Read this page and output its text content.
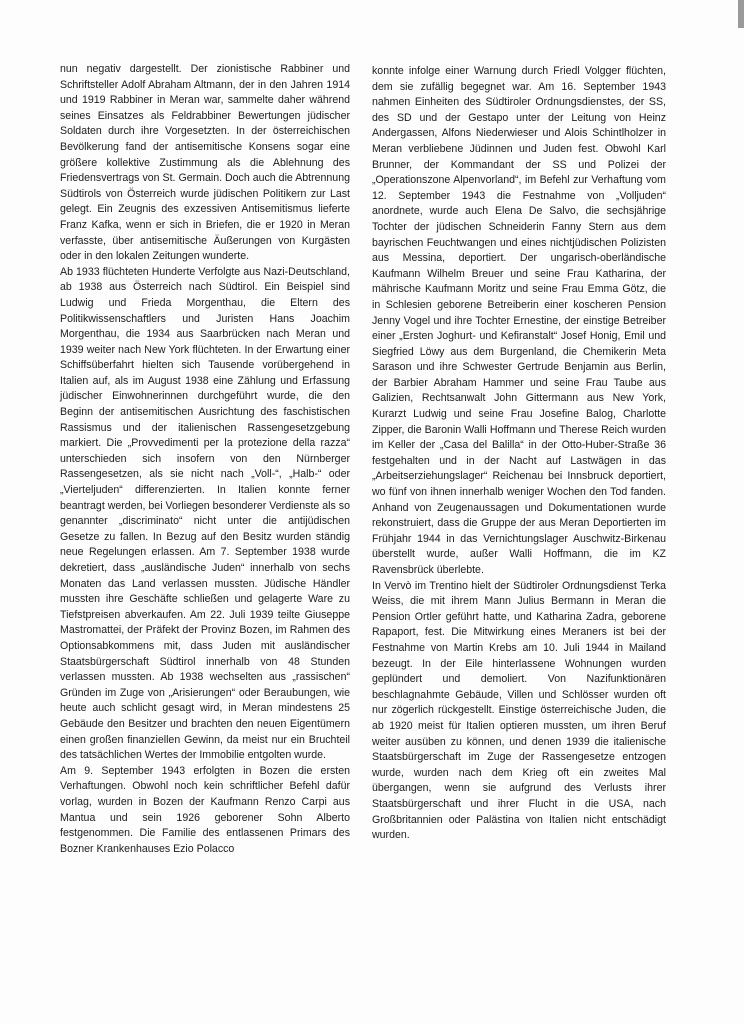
nun negativ dargestellt. Der zionistische Rabbiner und Schriftsteller Adolf Abraham Altmann, der in den Jahren 1914 und 1919 Rabbiner in Meran war, sammelte daher während seines Einsatzes als Feldrabbiner Bewertungen jüdischer Soldaten durch ihre Vorgesetzten. In der österreichischen Bevölkerung fand der antisemitische Konsens sogar eine größere kollektive Zustimmung als die Ablehnung des Friedensvertrags von St. Germain. Doch auch die Abtrennung Südtirols von Österreich wurde jüdischen Politikern zur Last gelegt. Ein Zeugnis des exzessiven Antisemitismus lieferte Franz Kafka, wenn er sich in Briefen, die er 1920 in Meran verfasste, über antisemitische Äußerungen von Kurgästen oder in den lokalen Zeitungen wunderte.

Ab 1933 flüchteten Hunderte Verfolgte aus Nazi-Deutschland, ab 1938 aus Österreich nach Südtirol. Ein Beispiel sind Ludwig und Frieda Morgenthau, die Eltern des Politikwissenschaftlers und Juristen Hans Joachim Morgenthau, die 1934 aus Saarbrücken nach Meran und 1939 weiter nach New York flüchteten. In der Erwartung einer Schiffsüberfahrt hielten sich Tausende vorübergehend in Italien auf, als im August 1938 eine Zählung und Erfassung jüdischer Einwohnerinnen durchgeführt wurde, die den Beginn der antisemitischen Ausrichtung des faschistischen Rassismus und der italienischen Rassengesetzgebung markiert. Die „Provvedimenti per la protezione della razza“ unterschieden sich insofern von den Nürnberger Rassengesetzen, als sie nicht nach „Voll-“, „Halb-“ oder „Vierteljuden“ differenzierten. In Italien konnte ferner beantragt werden, bei Vorliegen besonderer Verdienste als so genannter „discriminato“ nicht unter die antijüdischen Gesetze zu fallen. In Bezug auf den Besitz wurden ständig neue Regelungen erlassen. Am 7. September 1938 wurde dekretiert, dass „ausländische Juden“ innerhalb von sechs Monaten das Land verlassen mussten. Jüdische Händler mussten ihre Geschäfte schließen und gelagerte Ware zu Tiefstpreisen abverkaufen. Am 22. Juli 1939 teilte Giuseppe Mastromattei, der Präfekt der Provinz Bozen, im Rahmen des Optionsabkommens mit, dass Juden mit ausländischer Staatsbürgerschaft Südtirol innerhalb von 48 Stunden verlassen mussten. Ab 1938 wechselten aus „rassischen“ Gründen im Zuge von „Arisierungen“ oder Beraubungen, wie heute auch schlicht gesagt wird, in Meran mindestens 25 Gebäude den Besitzer und brachten den neuen Eigentümern einen großen finanziellen Gewinn, da meist nur ein Bruchteil des tatsächlichen Wertes der Immobilie entgolten wurde.

Am 9. September 1943 erfolgten in Bozen die ersten Verhaftungen. Obwohl noch kein schriftlicher Befehl dafür vorlag, wurden in Bozen der Kaufmann Renzo Carpi aus Mantua und sein 1926 geborener Sohn Alberto festgenommen. Die Familie des entlassenen Primars des Bozner Krankenhauses Ezio Polacco

konnte infolge einer Warnung durch Friedl Volgger flüchten, dem sie zufällig begegnet war. Am 16. September 1943 nahmen Einheiten des Südtiroler Ordnungsdienstes, der SS, des SD und der Gestapo unter der Leitung von Heinz Andergassen, Alfons Niederwieser und Alois Schintlholzer in Meran verbliebene Jüdinnen und Juden fest. Obwohl Karl Brunner, der Kommandant der SS und Polizei der „Operationszone Alpenvorland“, im Befehl zur Verhaftung vom 12. September 1943 die Festnahme von „Volljuden“ anordnete, wurde auch Elena De Salvo, die sechsjährige Tochter der jüdischen Schneiderin Fanny Stern aus dem bayrischen Feuchtwangen und eines nichtjüdischen Polizisten aus Messina, deportiert. Der ungarisch-oberländische Kaufmann Wilhelm Breuer und seine Frau Katharina, der mährische Kaufmann Moritz und seine Frau Emma Götz, die in Schlesien geborene Betreiberin einer koscheren Pension Jenny Vogel und ihre Tochter Ernestine, der einstige Betreiber einer „Ersten Joghurt- und Kefiranstalt“ Josef Honig, Emil und Siegfried Löwy aus dem Burgenland, die Chemikerin Meta Sarason und ihre Schwester Gertrude Benjamin aus Berlin, der Barbier Abraham Hammer und seine Frau Taube aus Galizien, Rechtsanwalt John Gittermann aus New York, Kurarzt Ludwig und seine Frau Josefine Balog, Charlotte Zipper, die Baronin Walli Hoffmann und Therese Reich wurden im Keller der „Casa del Balilla“ in der Otto-Huber-Straße 36 festgehalten und in der Nacht auf Lastwägen in das „Arbeitserziehungslager“ Reichenau bei Innsbruck deportiert, wo fünf von ihnen innerhalb weniger Wochen den Tod fanden. Anhand von Zeugenaussagen und Dokumentationen wurde rekonstruiert, dass die Gruppe der aus Meran Deportierten im Frühjahr 1944 in das Vernichtungslager Auschwitz-Birkenau überstellt wurde, außer Walli Hoffmann, die im KZ Ravensbrück überlebte.

In Vervò im Trentino hielt der Südtiroler Ordnungsdienst Terka Weiss, die mit ihrem Mann Julius Bermann in Meran die Pension Ortler geführt hatte, und Katharina Zadra, geborene Rapaport, fest. Die Mitwirkung eines Meraners ist bei der Festnahme von Martin Krebs am 10. Juli 1944 in Mailand bezeugt. In der Eile hinterlassene Wohnungen wurden geplündert und demoliert. Von Nazifunktionären beschlagnahmte Gebäude, Villen und Schlösser wurden oft nur zögerlich rückgestellt. Einstige österreichische Juden, die ab 1920 meist für Italien optieren mussten, um ihren Beruf weiter ausüben zu können, und denen 1939 die italienische Staatsbürgerschaft im Zuge der Rassengesetze entzogen wurde, wurden nach dem Krieg oft ein zweites Mal übergangen, wenn sie aufgrund des Verlusts ihrer Staatsbürgerschaft und ihrer Flucht in die USA, nach Großbritannien oder Palästina von Italien nicht entschädigt wurden.
